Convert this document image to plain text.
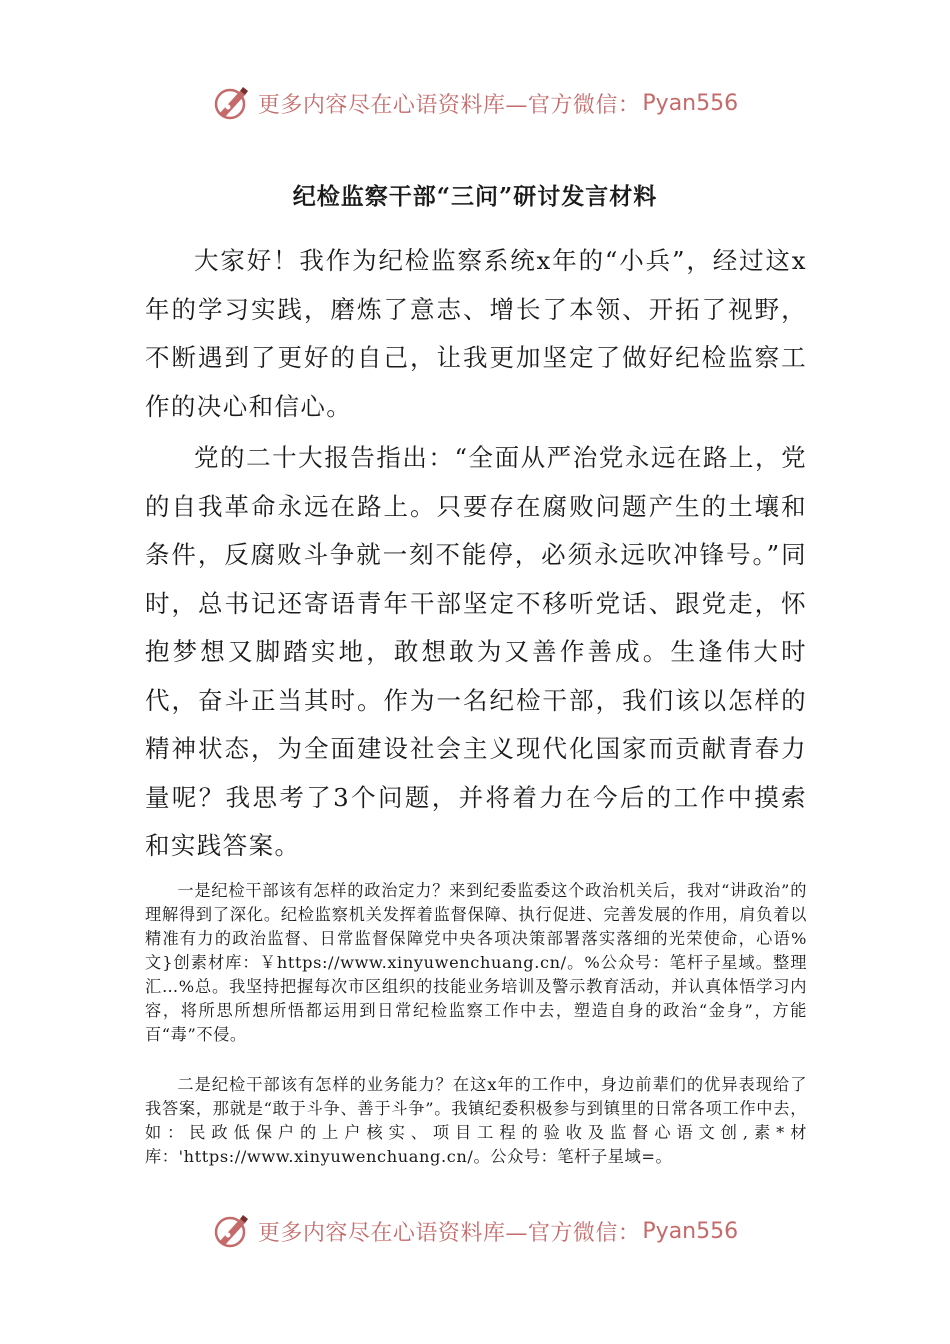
更多内容尽在心语资料库—官方微信： Pyan556
纪检监察干部“三问”研讨发言材料

大家好！我作为纪检监察系统x年的“小兵”，经过这x年的学习实践，磨炼了意志、增长了本领、开拓了视野，不断遇到了更好的自己，让我更加坚定了做好纪检监察工作的决心和信心。

党的二十大报告指出：“全面从严治党永远在路上，党的自我革命永远在路上。只要存在腐败问题产生的土壤和条件，反腐败斗争就一刻不能停，必须永远吹冲锋号。”同时，总书记还寄语青年干部坚定不移听党话、跟党走，怀抱梦想又脚踏实地，敢想敢为又善作善成。生逢伟大时代，奋斗正当其时。作为一名纪检干部，我们该以怎样的精神状态，为全面建设社会主义现代化国家而贡献青春力量呢？我思考了3个问题，并将着力在今后的工作中摸索和实践答案。

一是纪检干部该有怎样的政治定力？来到纪委监委这个政治机关后，我对“讲政治”的理解得到了深化。纪检监察机关发挥着监督保障、执行促进、完善发展的作用，肩负着以精准有力的政治监督、日常监督保障党中央各项决策部署落实落细的光荣使命，心语%文}创素材库：￥https://www.xinyuwenchuang.cn/。%公众号：笔杆子星域。整理汇…%总。我坚持把握每次市区组织的技能业务培训及警示教育活动，并认真体悟学习内容，将所思所想所悟都运用到日常纪检监察工作中去，塑造自身的政治“金身”，方能百“毒”不侵。

二是纪检干部该有怎样的业务能力？在这x年的工作中，身边前辈们的优异表现给了我答案，那就是“敢于斗争、善于斗争”。我镇纪委积极参与到镇里的日常各项工作中去，如：民政低保户的上户核实、项目工程的验收及监督心语文创,素*材库：'https://www.xinyuwenchuang.cn/。公众号：笔杆子星域=。

更多内容尽在心语资料库—官方微信： Pyan556
